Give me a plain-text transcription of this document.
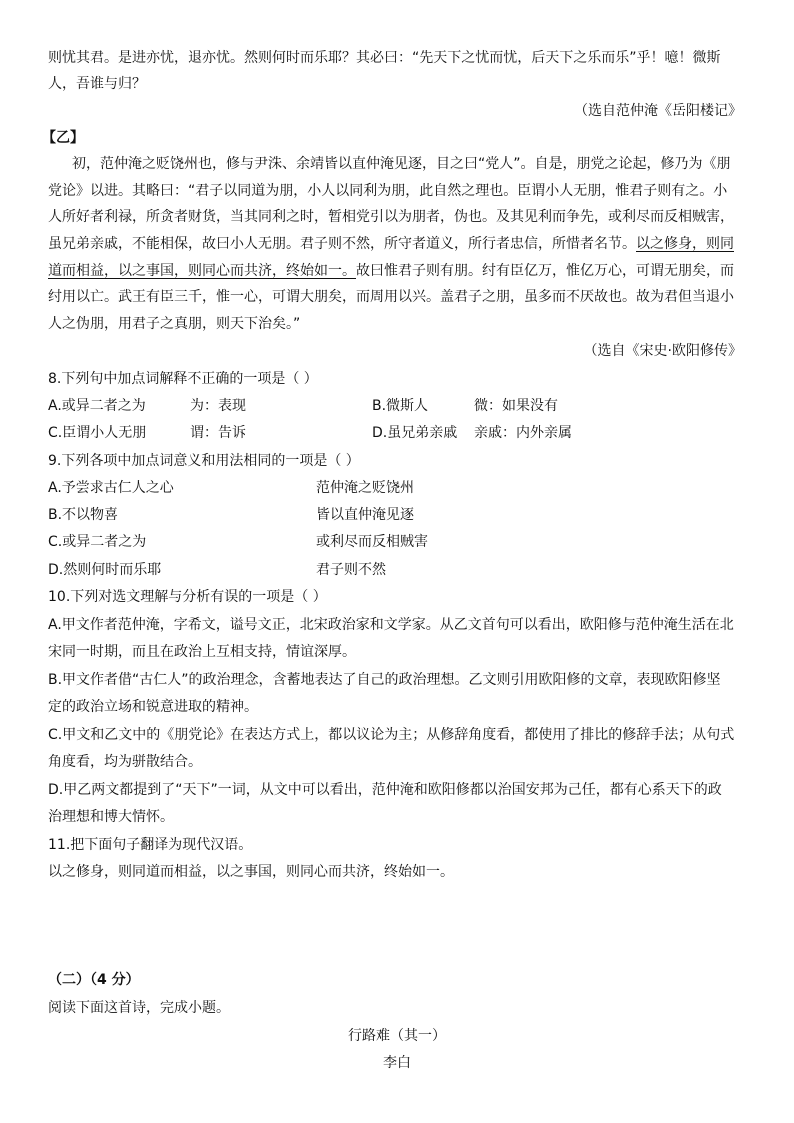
则忧其君。是进亦忧，退亦忧。然则何时而乐耶？其必曰：“先天下之忧而忧，后天下之乐而乐”乎！噫！微斯
人，吾谁与归？
（选自范仲淹《岳阳楼记》
【乙】
初，范仲淹之贬饶州也，修与尹洙、余靖皆以直仲淹见逐，目之曰“党人”。自是，朋党之论起，修乃为《朋
党论》以进。其略曰：“君子以同道为朋，小人以同利为朋，此自然之理也。臣谓小人无朋，惟君子则有之。小
人所好者利禄，所贪者财货，当其同利之时，暂相党引以为朋者，伪也。及其见利而争先，或利尽而反相贼害，
虽兄弟亲戚，不能相保，故曰小人无朋。君子则不然，所守者道义，所行者忠信，所惜者名节。以之修身，则同
道而相益，以之事国，则同心而共济，终始如一。故曰惟君子则有朋。纣有臣亿万，惟亿万心，可谓无朋矣，而
纣用以亡。武王有臣三千，惟一心，可谓大朋矣，而周用以兴。盖君子之朋，虽多而不厌故也。故为君但当退小
人之伪朋，用君子之真朋，则天下治矣。”
（选自《宋史·欧阳修传》
8.下列句中加点词解释不正确的一项是（ ）
A.或异二者之为	为：表现	B.微斯人	微：如果没有
C.臣谓小人无朋	谓：告诉	D.虽兄弟亲戚 亲戚：内外亲属
9.下列各项中加点词意义和用法相同的一项是（ ）
A.予尝求古仁人之心	范仲淹之贬饶州
B.不以物喜	皆以直仲淹见逐
C.或异二者之为	或利尽而反相贼害
D.然则何时而乐耶	君子则不然
10.下列对选文理解与分析有误的一项是（ ）
A.甲文作者范仲淹，字希文，谥号文正，北宋政治家和文学家。从乙文首句可以看出，欧阳修与范仲淹生活在北
宋同一时期，而且在政治上互相支持，情谊深厚。
B.甲文作者借“古仁人”的政治理念，含蓄地表达了自己的政治理想。乙文则引用欧阳修的文章，表现欧阳修坚
定的政治立场和锐意进取的精神。
C.甲文和乙文中的《朋党论》在表达方式上，都以议论为主；从修辞角度看，都使用了排比的修辞手法；从句式
角度看，均为骈散结合。
D.甲乙两文都提到了“天下”一词，从文中可以看出，范仲淹和欧阳修都以治国安邦为己任，都有心系天下的政
治理想和博大情怀。
11.把下面句子翻译为现代汉语。
以之修身，则同道而相益，以之事国，则同心而共济，终始如一。
（二）（4 分）
阅读下面这首诗，完成小题。
行路难（其一）
李白
